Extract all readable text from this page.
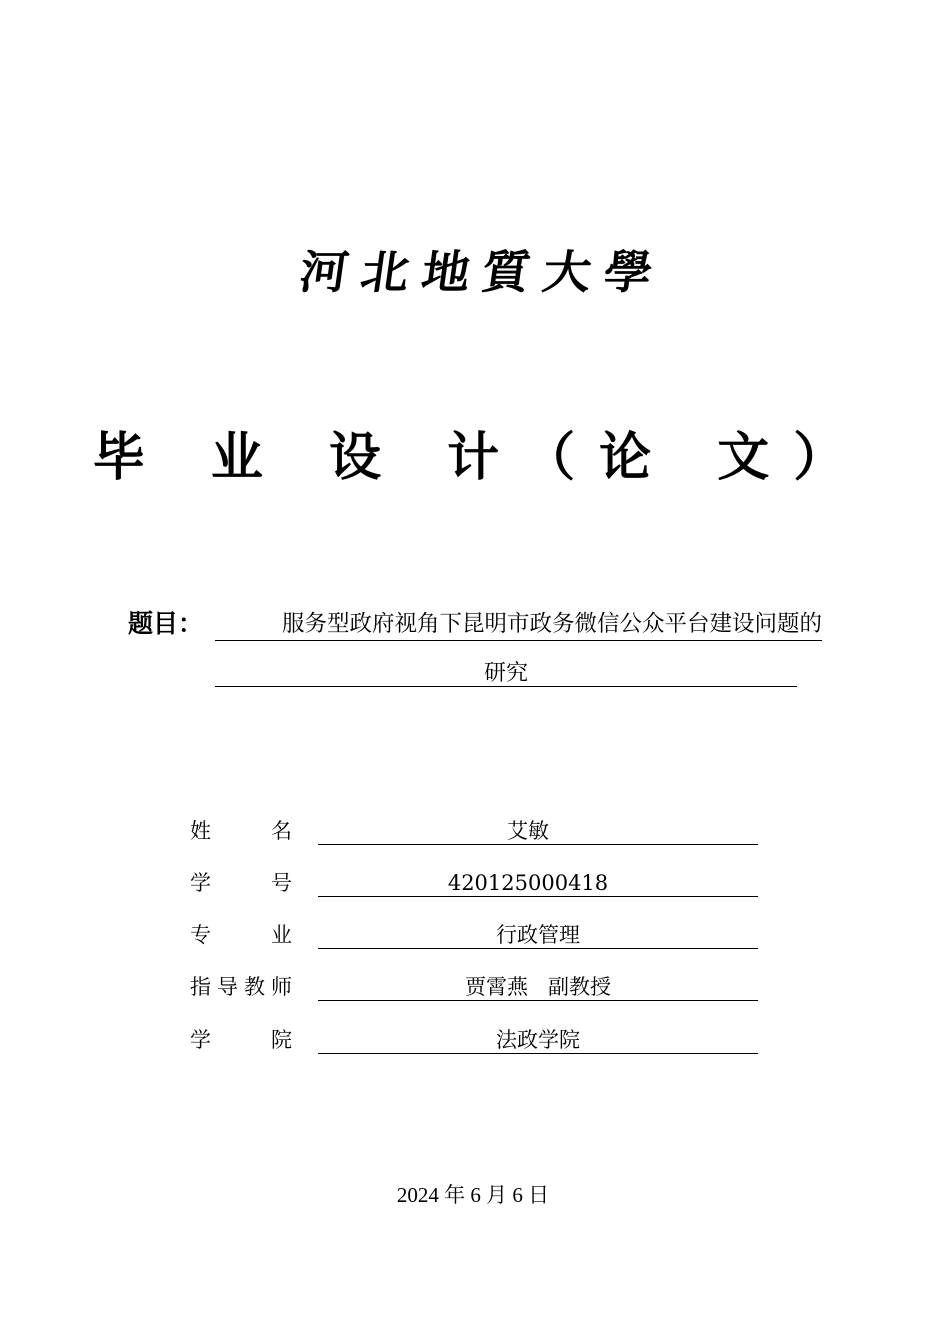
河 北 地 質 大 學
毕 业 设 计（论 文）
题目：	服务型政府视角下昆明市政务微信公众平台建设问题的
研究
姓	名	艾敏
学	号	420125000418
专	业	行政管理
指 导 教 师	贾霄燕   副教授
学	院	法政学院
2024 年 6 月 6 日
